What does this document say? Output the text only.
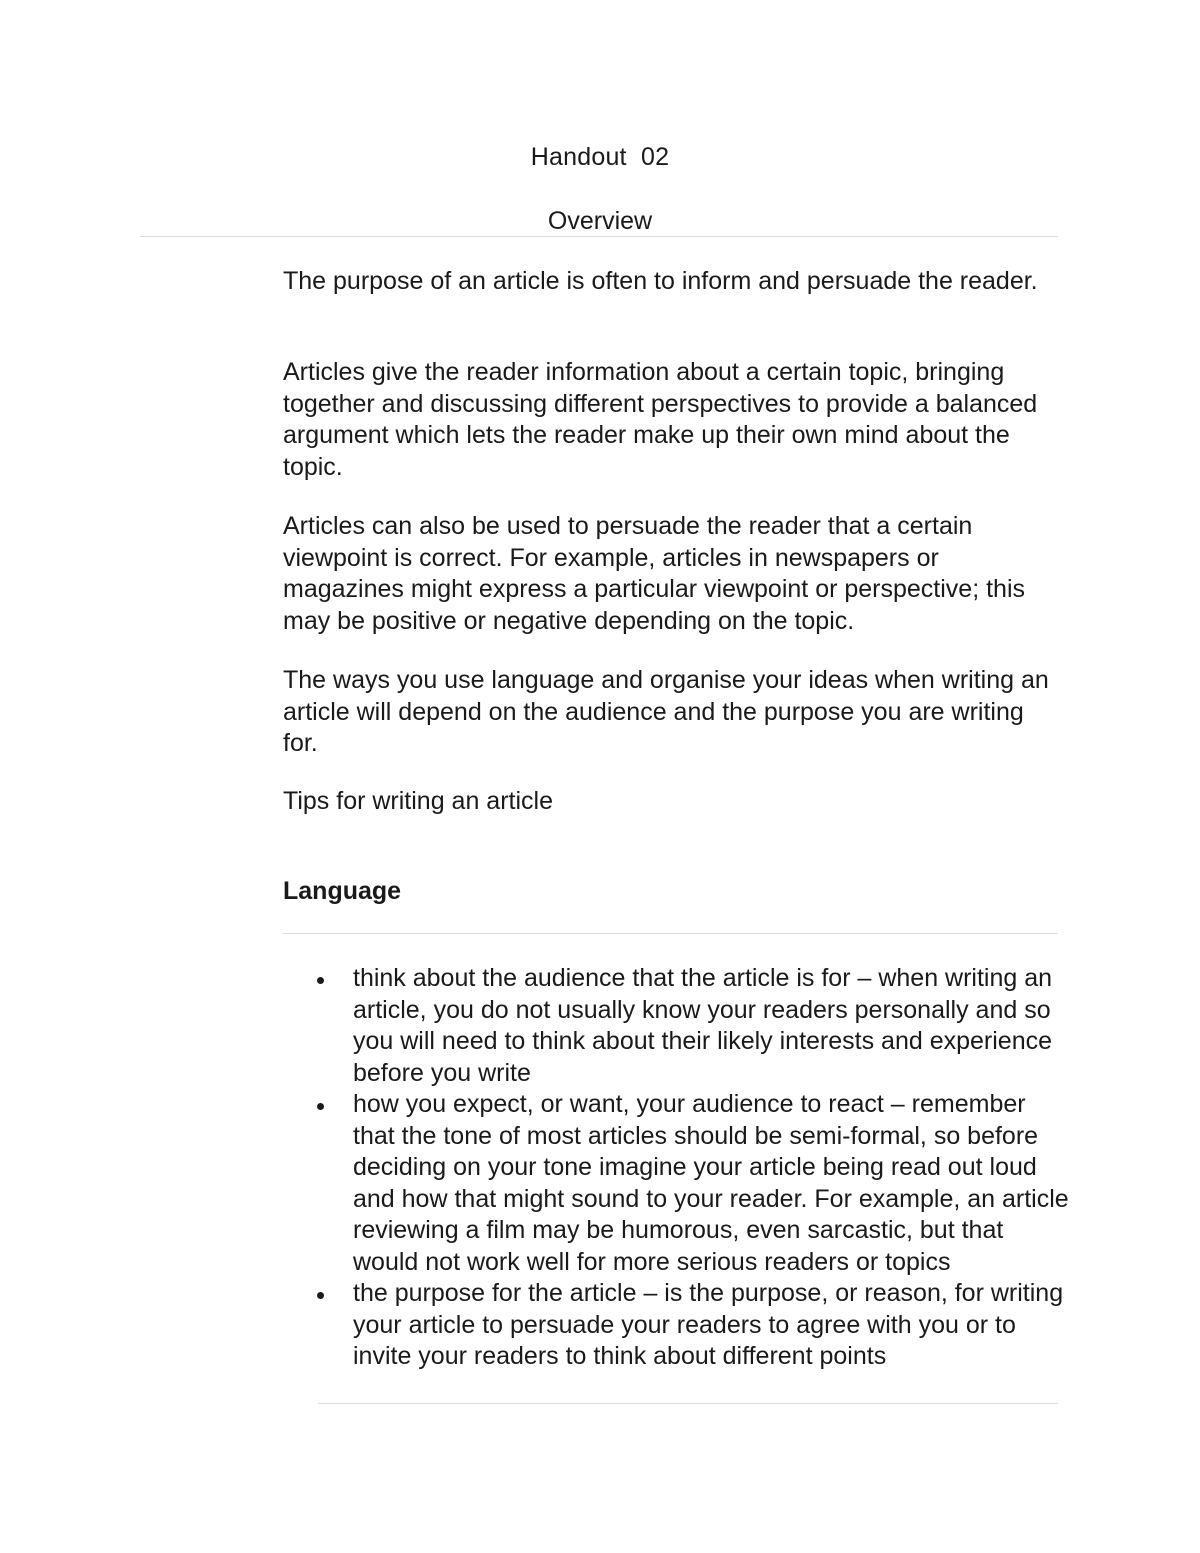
Handout  02
Overview

The purpose of an article is often to inform and persuade the reader.

Articles give the reader information about a certain topic, bringing together and discussing different perspectives to provide a balanced argument which lets the reader make up their own mind about the topic.

Articles can also be used to persuade the reader that a certain viewpoint is correct. For example, articles in newspapers or magazines might express a particular viewpoint or perspective; this may be positive or negative depending on the topic.

The ways you use language and organise your ideas when writing an article will depend on the audience and the purpose you are writing for.

Tips for writing an article

Language
think about the audience that the article is for – when writing an article, you do not usually know your readers personally and so you will need to think about their likely interests and experience before you write
how you expect, or want, your audience to react – remember that the tone of most articles should be semi-formal, so before deciding on your tone imagine your article being read out loud and how that might sound to your reader. For example, an article reviewing a film may be humorous, even sarcastic, but that would not work well for more serious readers or topics
the purpose for the article – is the purpose, or reason, for writing your article to persuade your readers to agree with you or to invite your readers to think about different points
